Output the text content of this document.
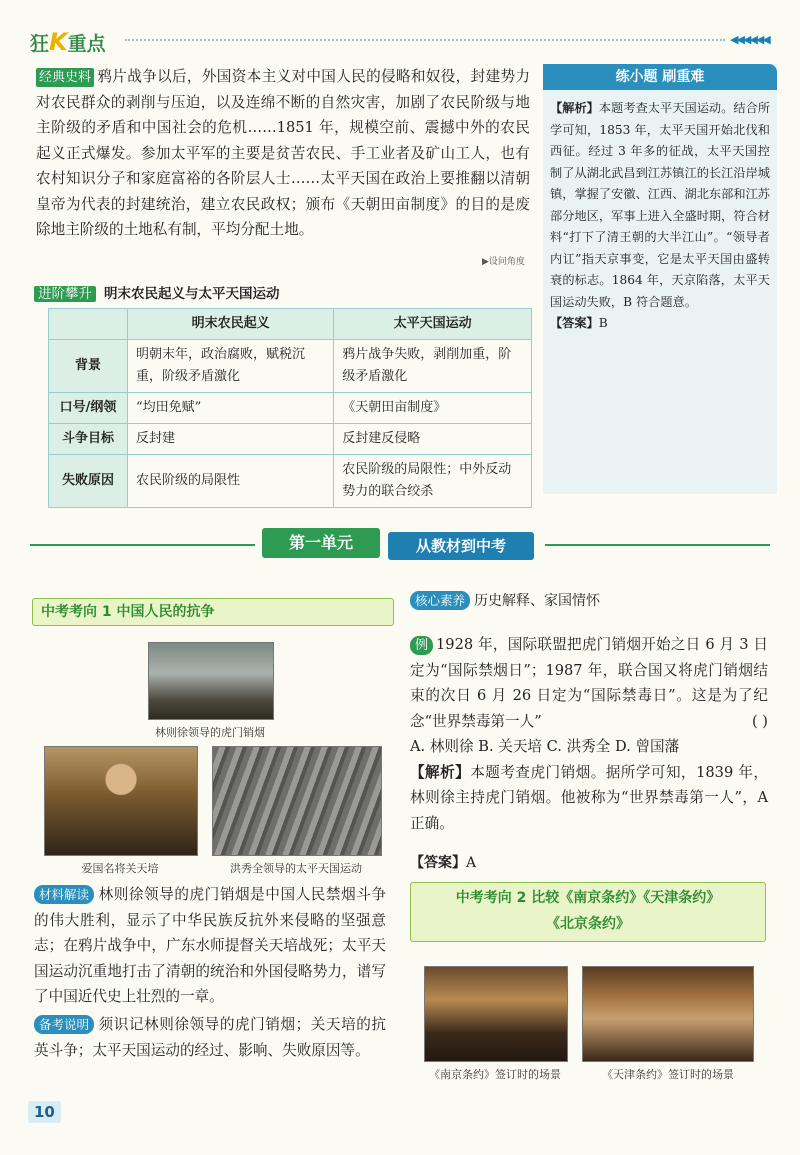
狂K重点	◀◀◀◀◀◀
经典史料 鸦片战争以后，外国资本主义对中国人民的侵略和奴役，封建势力对农民群众的剥削与压迫，以及连绵不断的自然灾害，加剧了农民阶级与地主阶级的矛盾和中国社会的危机……1851 年，规模空前、震撼中外的农民起义正式爆发。参加太平军的主要是贫苦农民、手工业者及矿山工人，也有农村知识分子和家庭富裕的各阶层人士……太平天国在政治上要推翻以清朝皇帝为代表的封建统治，建立农民政权；颁布《天朝田亩制度》的目的是废除地主阶级的土地私有制，平均分配土地。
▶设问角度
进阶攀升 明末农民起义与太平天国运动
	明末农民起义	太平天国运动
背景	明朝末年，政治腐败，赋税沉重，阶级矛盾激化	鸦片战争失败，剥削加重，阶级矛盾激化
口号/纲领	“均田免赋”	《天朝田亩制度》
斗争目标	反封建	反封建反侵略
失败原因	农民阶级的局限性	农民阶级的局限性；中外反动势力的联合绞杀
练小题 刷重难
【解析】本题考查太平天国运动。结合所学可知，1853 年，太平天国开始北伐和西征。经过 3 年多的征战，太平天国控制了从湖北武昌到江苏镇江的长江沿岸城镇，掌握了安徽、江西、湖北东部和江苏部分地区，军事上进入全盛时期，符合材料“打下了清王朝的大半江山”。“领导者内讧”指天京事变，它是太平天国由盛转衰的标志。1864 年，天京陷落，太平天国运动失败，B 符合题意。
【答案】B
第一单元	从教材到中考
中考考向 1 中国人民的抗争
林则徐领导的虎门销烟
爱国名将关天培	洪秀全领导的太平天国运动
材料解读 林则徐领导的虎门销烟是中国人民禁烟斗争的伟大胜利，显示了中华民族反抗外来侵略的坚强意志；在鸦片战争中，广东水师提督关天培战死；太平天国运动沉重地打击了清朝的统治和外国侵略势力，谱写了中国近代史上壮烈的一章。
备考说明 须识记林则徐领导的虎门销烟；关天培的抗英斗争；太平天国运动的经过、影响、失败原因等。
核心素养 历史解释、家国情怀
例 1928 年，国际联盟把虎门销烟开始之日 6 月 3 日定为“国际禁烟日”；1987 年，联合国又将虎门销烟结束的次日 6 月 26 日定为“国际禁毒日”。这是为了纪念“世界禁毒第一人”	( )

A. 林则徐 B. 关天培 C. 洪秀全 D. 曾国藩
【解析】本题考查虎门销烟。据所学可知，1839 年，林则徐主持虎门销烟。他被称为“世界禁毒第一人”，A 正确。
【答案】A
中考考向 2 比较《南京条约》《天津条约》
《北京条约》
《南京条约》签订时的场景	《天津条约》签订时的场景
10
